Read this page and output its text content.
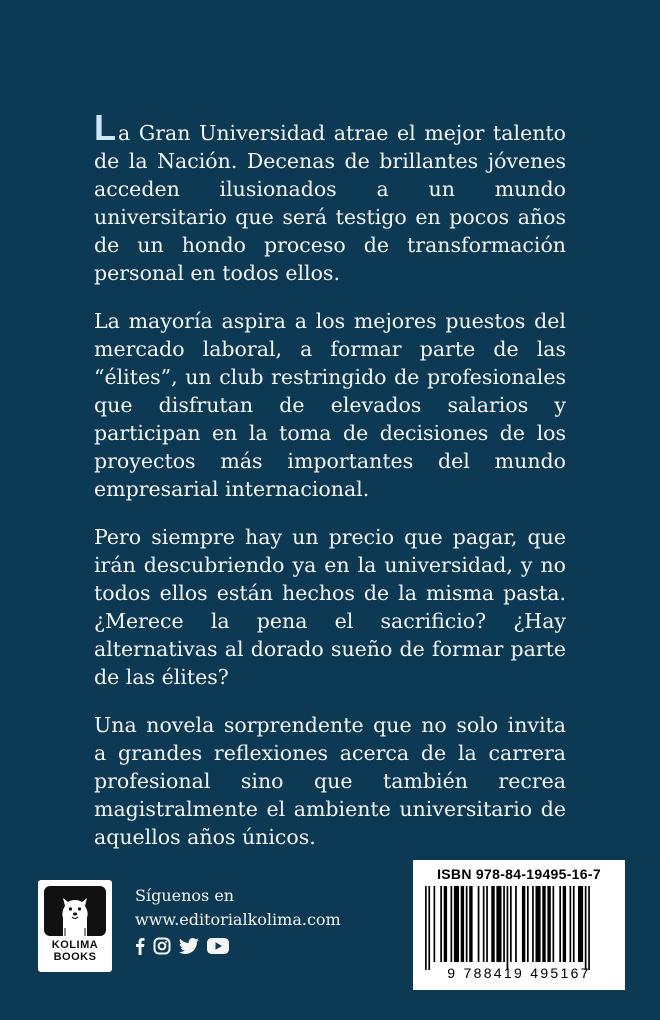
La Gran Universidad atrae el mejor talento de la Nación. Decenas de brillantes jóvenes acceden ilusionados a un mundo universitario que será testigo en pocos años de un hondo proceso de transformación personal en todos ellos.

La mayoría aspira a los mejores puestos del mercado laboral, a formar parte de las “élites”, un club restringido de profesionales que disfrutan de elevados salarios y participan en la toma de decisiones de los proyectos más importantes del mundo empresarial internacional.

Pero siempre hay un precio que pagar, que irán descubriendo ya en la universidad, y no todos ellos están hechos de la misma pasta. ¿Merece la pena el sacrificio? ¿Hay alternativas al dorado sueño de formar parte de las élites?

Una novela sorprendente que no solo invita a grandes reflexiones acerca de la carrera profesional sino que también recrea magistralmente el ambiente universitario de aquellos años únicos.

KOLIMA
BOOKS
Síguenos en
www.editorialkolima.com
ISBN 978-84-19495-16-7
9 788419 495167
